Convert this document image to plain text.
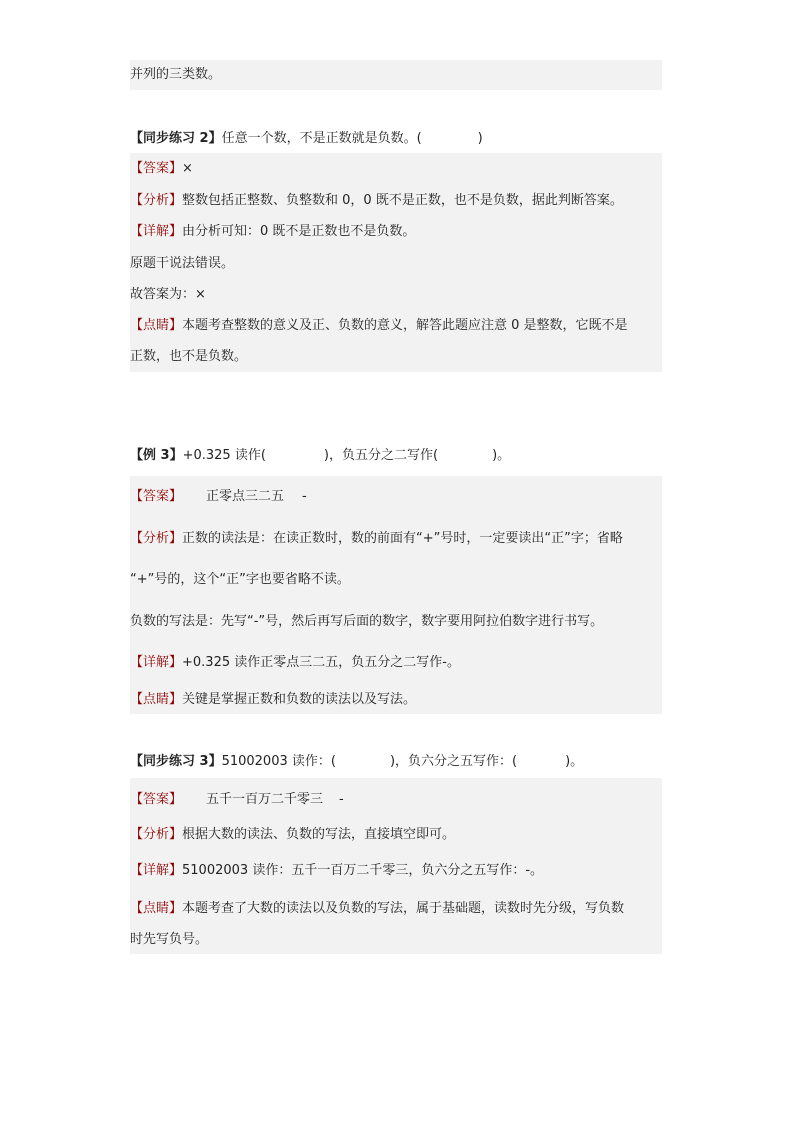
并列的三类数。
【同步练习 2】任意一个数，不是正数就是负数。(	)
【答案】×
【分析】整数包括正整数、负整数和 0，0 既不是正数，也不是负数，据此判断答案。
【详解】由分析可知：0 既不是正数也不是负数。
原题干说法错误。
故答案为：×
【点睛】本题考查整数的意义及正、负数的意义，解答此题应注意 0 是整数，它既不是
正数，也不是负数。
【例 3】+0.325 读作(	)，负五分之二写作(	)。
【答案】 正零点三二五 -
【分析】正数的读法是：在读正数时，数的前面有“+”号时，一定要读出“正”字；省略
“+”号的，这个“正”字也要省略不读。
负数的写法是：先写“-”号，然后再写后面的数字，数字要用阿拉伯数字进行书写。
【详解】+0.325 读作正零点三二五，负五分之二写作-。
【点睛】关键是掌握正数和负数的读法以及写法。
【同步练习 3】51002003 读作：(	)，负六分之五写作：(	)。
【答案】 五千一百万二千零三 -
【分析】根据大数的读法、负数的写法，直接填空即可。
【详解】51002003 读作：五千一百万二千零三，负六分之五写作：-。
【点睛】本题考查了大数的读法以及负数的写法，属于基础题，读数时先分级，写负数
时先写负号。
